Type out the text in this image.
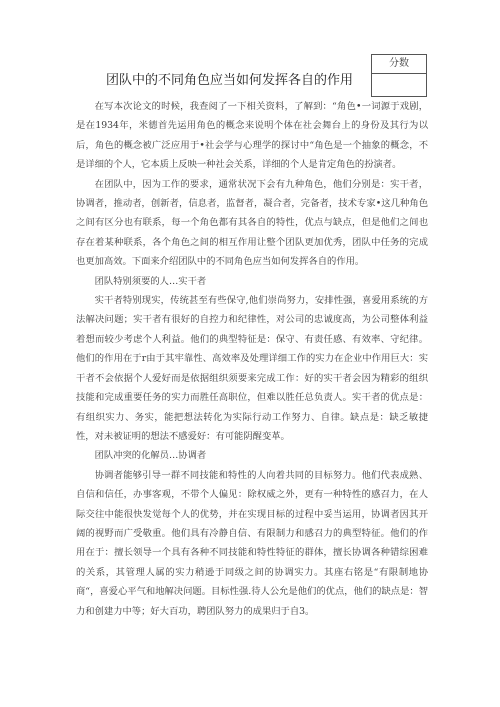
分数
团队中的不同角色应当如何发挥各自的作用

在写本次论文的时候，我查阅了一下相关资料，了解到：“角色•一词源于戏剧，是在1934年，米德首先运用角色的概念来说明个体在社会舞台上的身份及其行为以后，角色的概念被广泛应用于•社会学与心理学的探讨中“角色是一个抽象的概念，不是详细的个人，它本质上反映一种社会关系，详细的个人是肯定角色的扮演者。

在团队中，因为工作的要求，通常状况下会有九种角色，他们分别是：实干者，协调者，推动者，创新者，信息者，监督者，凝合者，完备者，技术专家•这几种角色之间有区分也有联系，每一个角色都有其各自的特性，优点与缺点，但是他们之间也存在着某种联系，各个角色之间的相互作用让整个团队更加优秀，团队中任务的完成也更加高效。下面来介绍团队中的不同角色应当如何发挥各自的作用。

团队特别须要的人…实干者

实干者特别现实，传统甚至有些保守,他们崇尚努力，安排性强，喜爱用系统的方法解决问题；实干者有很好的自控力和纪律性，对公司的忠诚度高，为公司整体利益着想而较少考虑个人利益。他们的典型特征是：保守、有责任感、有效率、守纪律。他们的作用在于r由于其牢靠性、高效率及处理详细工作的实力在企业中作用巨大：实干者不会依据个人爱好而是依据组织须要来完成工作：好的实干者会因为精彩的组织技能和完成重要任务的实力而胜任高职位，但难以胜任总负责人。实干者的优点是：有组织实力、务实，能把想法转化为实际行动工作努力、自律。缺点是：缺乏敏捷性，对未被证明的想法不感爱好：有可能阴醒变革。

团队冲突的化解员…协调者

协调者能够引导一群不同技能和特性的人向着共同的目标努力。他们代表成熟、自信和信任，办事客观，不带个人偏见：除权威之外，更有一种特性的感召力，在人际交往中能很快发觉每个人的优势，并在实现目标的过程中妥当运用，协调者因其开阔的视野而广受敬重。他们具有冷静自信、有限制力和感召力的典型特征。他们的作用在于：擅长领导一个具有各种不同技能和特性特征的群体，擅长协调各种错综困难的关系，其管理人属的实力稍逊于同级之间的协调实力。其座右铭是“有限制地协商“，喜爱心平气和地解决问题。目标性强.待人公允是他们的优点，他们的缺点是：智力和创建力中等；好大百功，聘团队努力的成果归于自3。
